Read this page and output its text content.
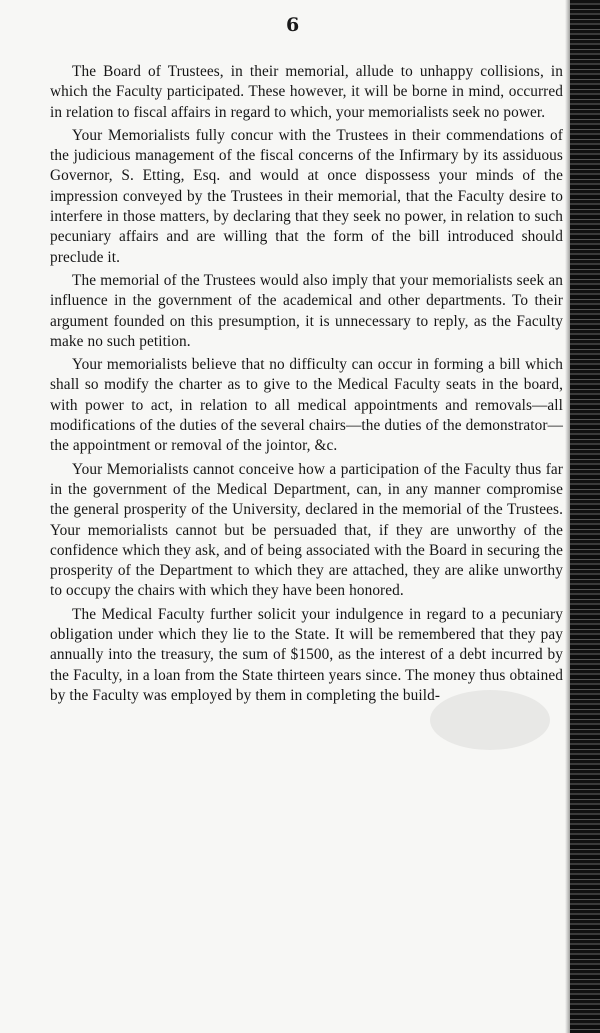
6

The Board of Trustees, in their memorial, allude to unhappy collisions, in which the Faculty participated. These however, it will be borne in mind, occurred in relation to fiscal affairs in regard to which, your memorialists seek no power.

Your Memorialists fully concur with the Trustees in their commendations of the judicious management of the fiscal concerns of the Infirmary by its assiduous Governor, S. Etting, Esq. and would at once dispossess your minds of the impression conveyed by the Trustees in their memorial, that the Faculty desire to interfere in those matters, by declaring that they seek no power, in relation to such pecuniary affairs and are willing that the form of the bill introduced should preclude it.

The memorial of the Trustees would also imply that your memorialists seek an influence in the government of the academical and other departments. To their argument founded on this presumption, it is unnecessary to reply, as the Faculty make no such petition.

Your memorialists believe that no difficulty can occur in forming a bill which shall so modify the charter as to give to the Medical Faculty seats in the board, with power to act, in relation to all medical appointments and removals—all modifications of the duties of the several chairs—the duties of the demonstrator—the appointment or removal of the jointor, &c.

Your Memorialists cannot conceive how a participation of the Faculty thus far in the government of the Medical Department, can, in any manner compromise the general prosperity of the University, declared in the memorial of the Trustees. Your memorialists cannot but be persuaded that, if they are unworthy of the confidence which they ask, and of being associated with the Board in securing the prosperity of the Department to which they are attached, they are alike unworthy to occupy the chairs with which they have been honored.

The Medical Faculty further solicit your indulgence in regard to a pecuniary obligation under which they lie to the State. It will be remembered that they pay annually into the treasury, the sum of $1500, as the interest of a debt incurred by the Faculty, in a loan from the State thirteen years since. The money thus obtained by the Faculty was employed by them in completing the build-
